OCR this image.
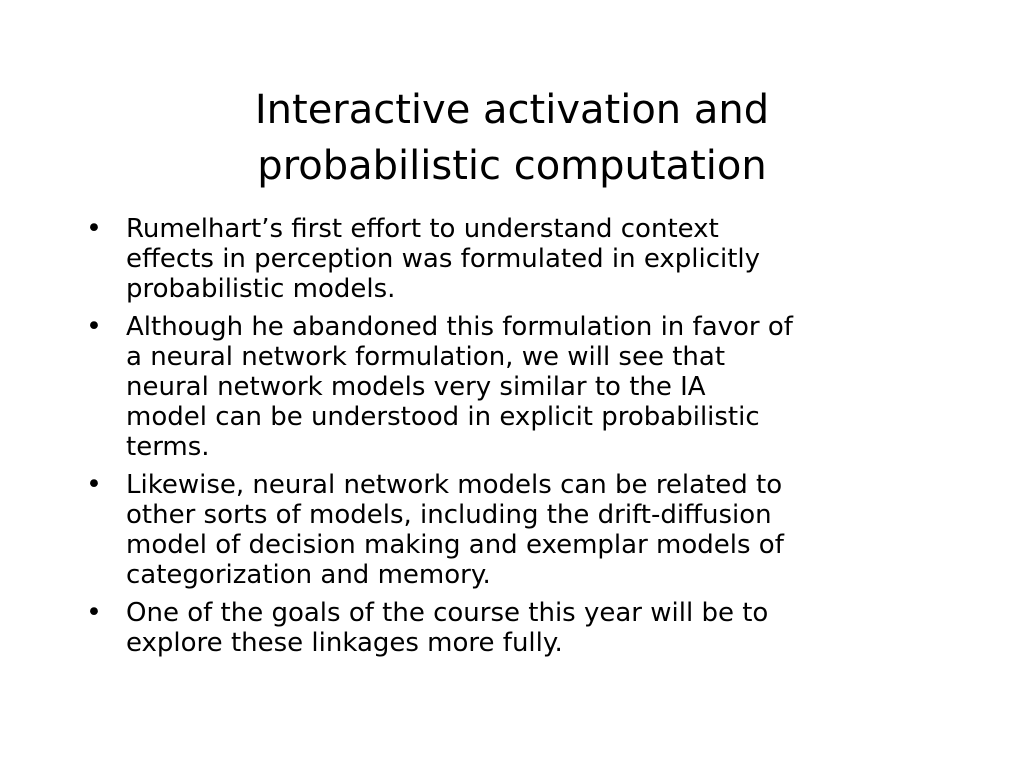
Interactive activation and
probabilistic computation
• Rumelhart’s first effort to understand context
effects in perception was formulated in explicitly
probabilistic models.
• Although he abandoned this formulation in favor of
a neural network formulation, we will see that
neural network models very similar to the IA
model can be understood in explicit probabilistic
terms.
• Likewise, neural network models can be related to
other sorts of models, including the drift-diffusion
model of decision making and exemplar models of
categorization and memory.
• One of the goals of the course this year will be to
explore these linkages more fully.
